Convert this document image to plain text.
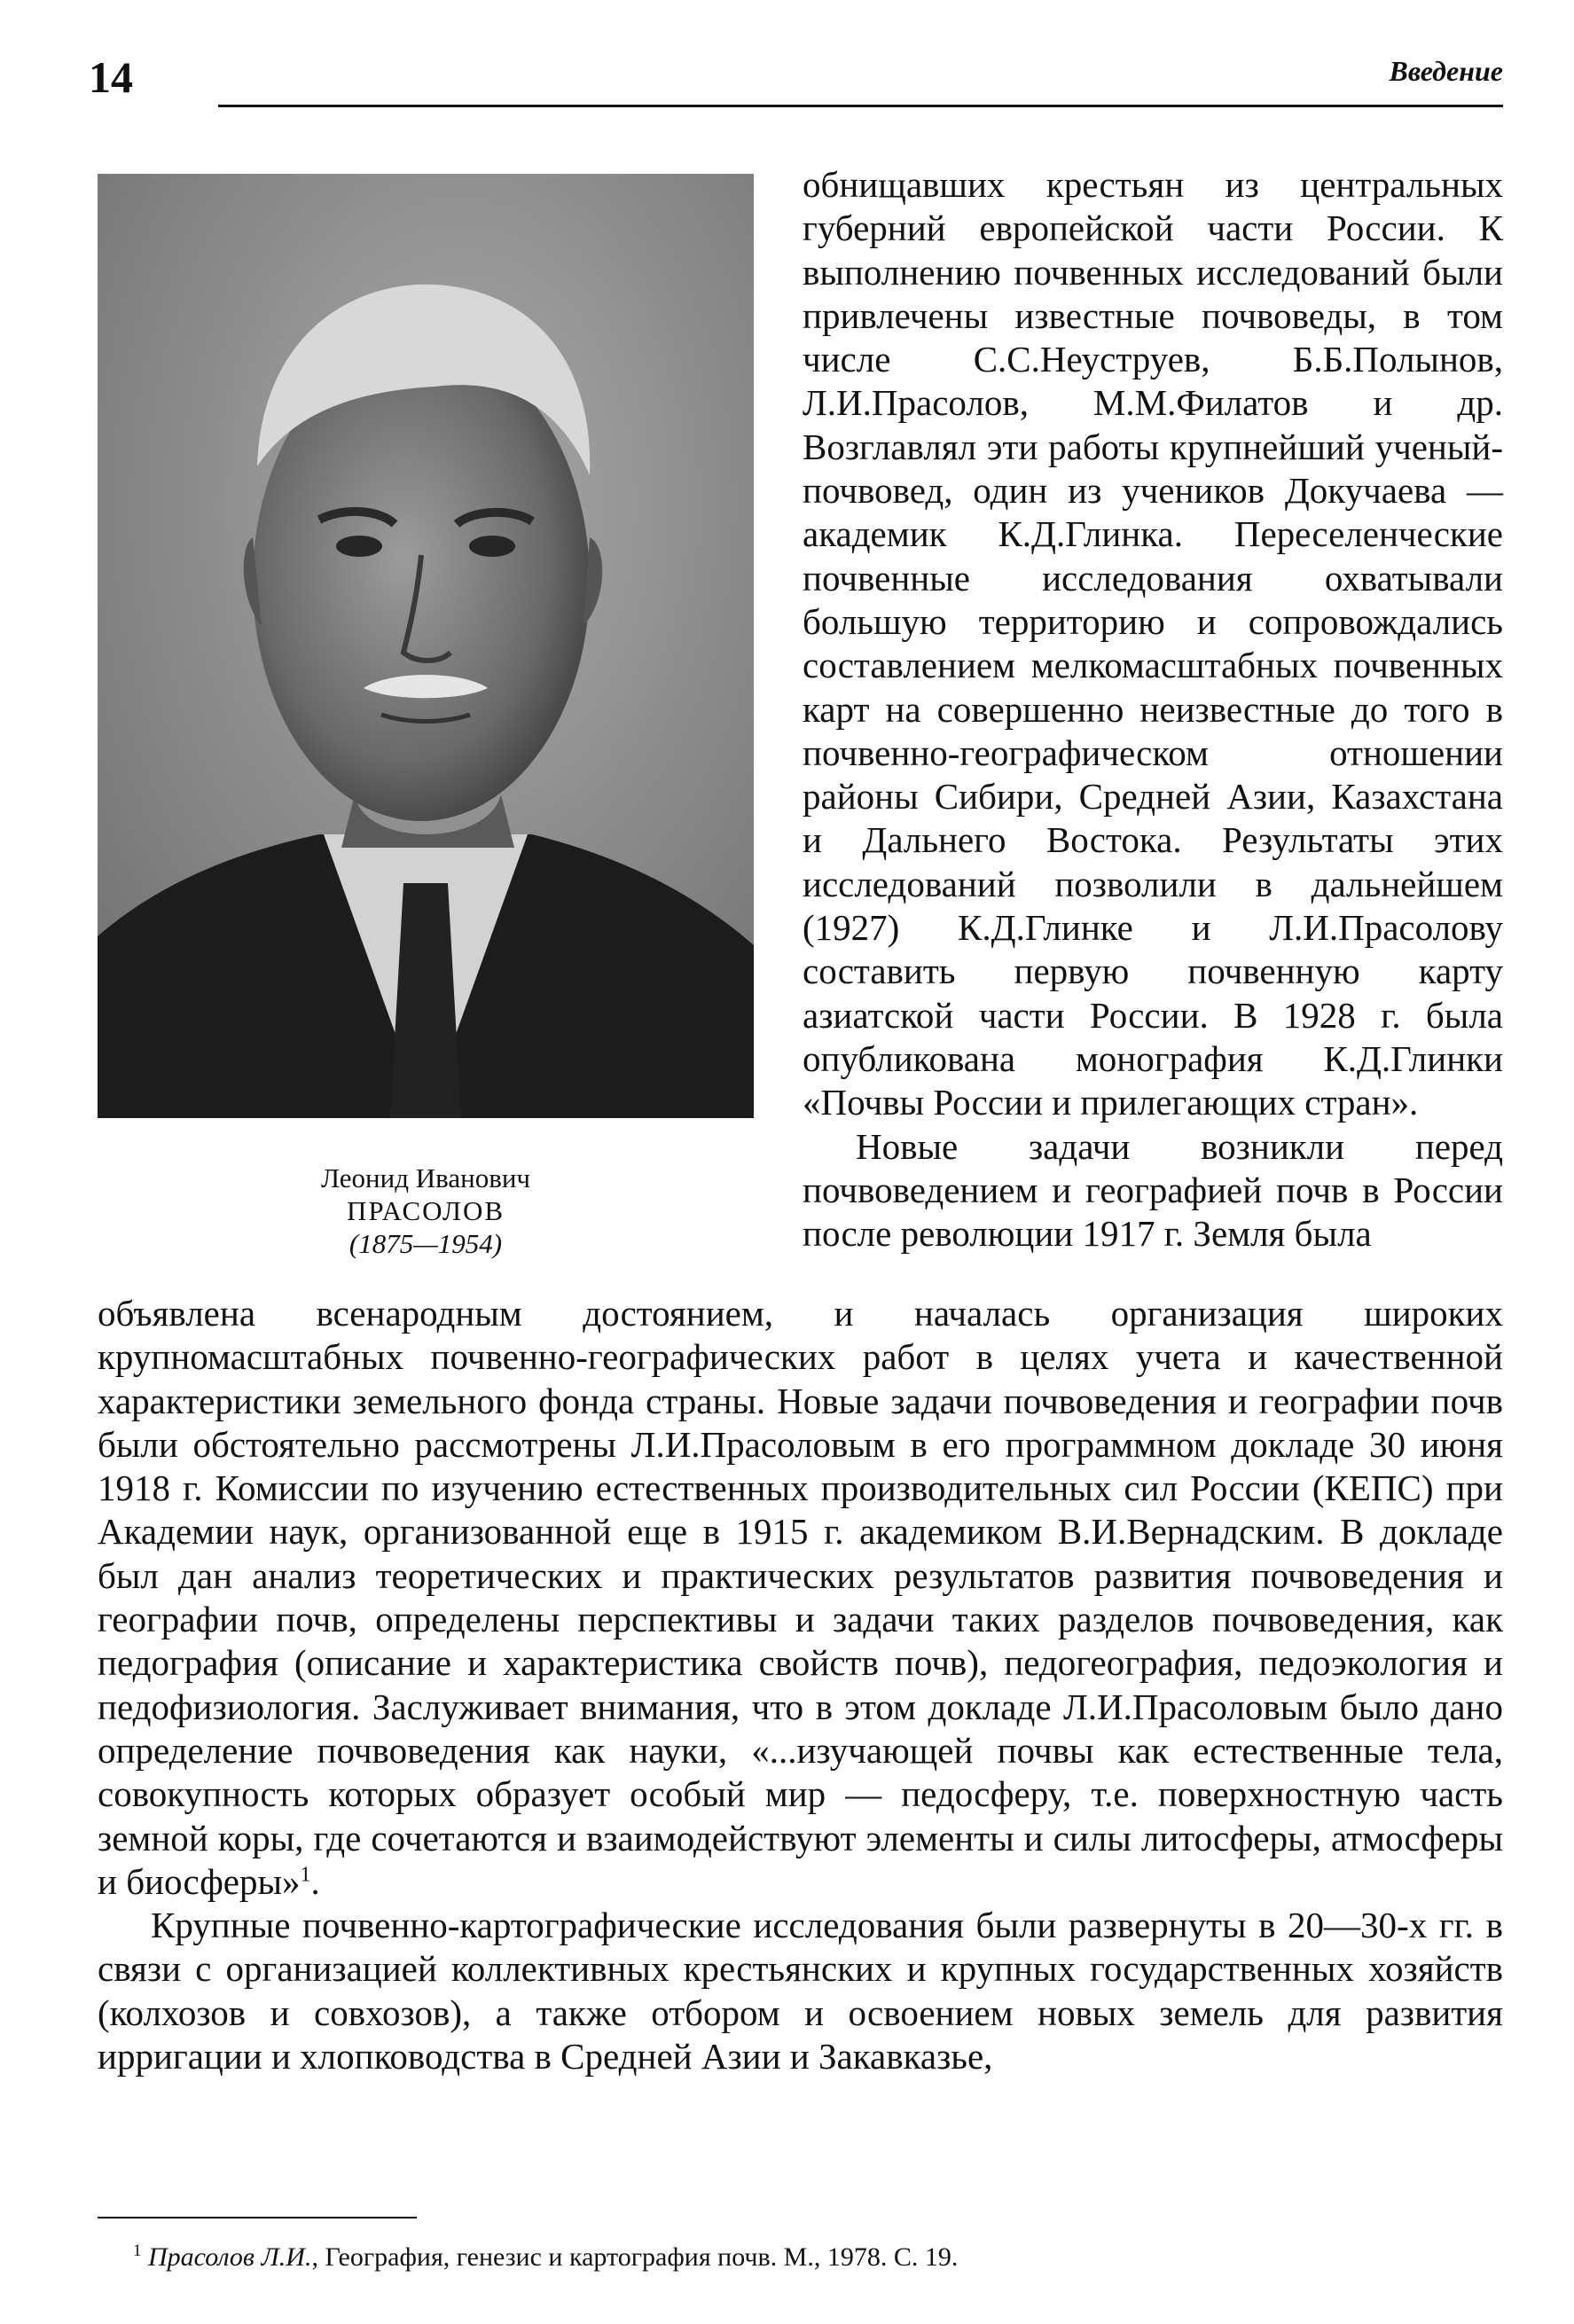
14	Введение
Леонид Иванович
ПРАСОЛОВ
(1875—1954)

обнищавших крестьян из центральных губерний европейской части России. К выполнению почвенных исследований были привлечены известные почвоведы, в том числе С.С.Неуструев, Б.Б.Полынов, Л.И.Прасолов, М.М.Филатов и др. Возглавлял эти работы крупнейший ученый-почвовед, один из учеников Докучаева — академик К.Д.Глинка. Переселенческие почвенные исследования охватывали большую территорию и сопровождались составлением мелкомасштабных почвенных карт на совершенно неизвестные до того в почвенно-географическом отношении районы Сибири, Средней Азии, Казахстана и Дальнего Востока. Результаты этих исследований позволили в дальнейшем (1927) К.Д.Глинке и Л.И.Прасолову составить первую почвенную карту азиатской части России. В 1928 г. была опубликована монография К.Д.Глинки «Почвы России и прилегающих стран».

Новые задачи возникли перед почвоведением и географией почв в России после революции 1917 г. Земля была

объявлена всенародным достоянием, и началась организация широких крупномасштабных почвенно-географических работ в целях учета и качественной характеристики земельного фонда страны. Новые задачи почвоведения и географии почв были обстоятельно рассмотрены Л.И.Прасоловым в его программном докладе 30 июня 1918 г. Комиссии по изучению естественных производительных сил России (КЕПС) при Академии наук, организованной еще в 1915 г. академиком В.И.Вернадским. В докладе был дан анализ теоретических и практических результатов развития почвоведения и географии почв, определены перспективы и задачи таких разделов почвоведения, как педография (описание и характеристика свойств почв), педогеография, педоэкология и педофизиология. Заслуживает внимания, что в этом докладе Л.И.Прасоловым было дано определение почвоведения как науки, «...изучающей почвы как естественные тела, совокупность которых образует особый мир — педосферу, т.е. поверхностную часть земной коры, где сочетаются и взаимодействуют элементы и силы литосферы, атмосферы и биосферы»$^1$.

Крупные почвенно-картографические исследования были развернуты в 20—30-х гг. в связи с организацией коллективных крестьянских и крупных государственных хозяйств (колхозов и совхозов), а также отбором и освоением новых земель для развития ирригации и хлопководства в Средней Азии и Закавказье,

$^1$ Прасолов Л.И., География, генезис и картография почв. М., 1978. С. 19.
